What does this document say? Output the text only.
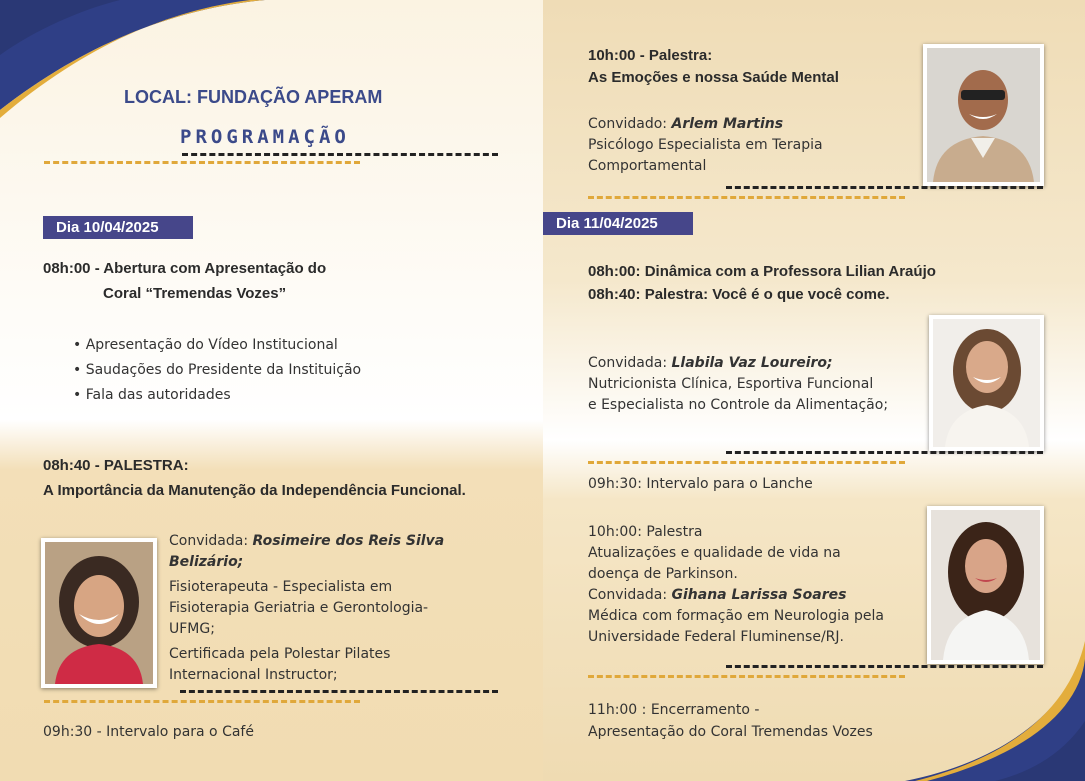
LOCAL: FUNDAÇÃO APERAM
PROGRAMAÇÃO
Dia 10/04/2025
08h:00 - Abertura com Apresentação do
Coral “Tremendas Vozes”
• Apresentação do Vídeo Institucional
• Saudações do Presidente da Instituição
• Fala das autoridades
08h:40 - PALESTRA:
A Importância da Manutenção da Independência Funcional.
Convidada: Rosimeire dos Reis Silva
Belizário;
Fisioterapeuta - Especialista em
Fisioterapia Geriatria e Gerontologia-
UFMG;
Certificada pela Polestar Pilates
Internacional Instructor;
09h:30 - Intervalo para o Café
10h:00 - Palestra:
As Emoções e nossa Saúde Mental
Convidado: Arlem Martins
Psicólogo Especialista em Terapia
Comportamental
Dia 11/04/2025
08h:00: Dinâmica com a Professora Lilian Araújo
08h:40: Palestra: Você é o que você come.
Convidada: Llabila Vaz Loureiro;
Nutricionista Clínica, Esportiva Funcional
e Especialista no Controle da Alimentação;
09h:30: Intervalo para o Lanche
10h:00: Palestra
Atualizações e qualidade de vida na
doença de Parkinson.
Convidada: Gihana Larissa Soares
Médica com formação em Neurologia pela
Universidade Federal Fluminense/RJ.
11h:00 : Encerramento -
Apresentação do Coral Tremendas Vozes
